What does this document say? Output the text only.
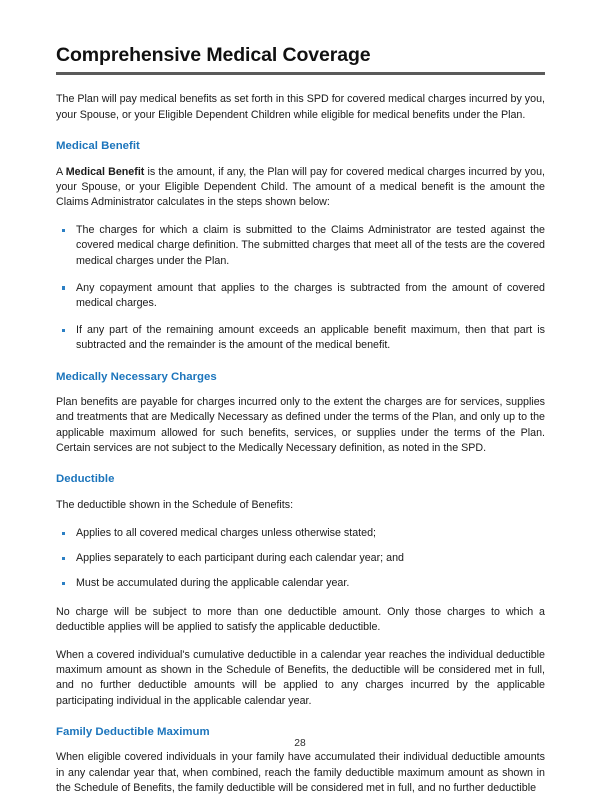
Comprehensive Medical Coverage

The Plan will pay medical benefits as set forth in this SPD for covered medical charges incurred by you, your Spouse, or your Eligible Dependent Children while eligible for medical benefits under the Plan.

Medical Benefit

A Medical Benefit is the amount, if any, the Plan will pay for covered medical charges incurred by you, your Spouse, or your Eligible Dependent Child. The amount of a medical benefit is the amount the Claims Administrator calculates in the steps shown below:

The charges for which a claim is submitted to the Claims Administrator are tested against the covered medical charge definition. The submitted charges that meet all of the tests are the covered medical charges under the Plan.
Any copayment amount that applies to the charges is subtracted from the amount of covered medical charges.
If any part of the remaining amount exceeds an applicable benefit maximum, then that part is subtracted and the remainder is the amount of the medical benefit.
Medically Necessary Charges

Plan benefits are payable for charges incurred only to the extent the charges are for services, supplies and treatments that are Medically Necessary as defined under the terms of the Plan, and only up to the applicable maximum allowed for such benefits, services, or supplies under the terms of the Plan. Certain services are not subject to the Medically Necessary definition, as noted in the SPD.

Deductible

The deductible shown in the Schedule of Benefits:

Applies to all covered medical charges unless otherwise stated;
Applies separately to each participant during each calendar year; and
Must be accumulated during the applicable calendar year.

No charge will be subject to more than one deductible amount. Only those charges to which a deductible applies will be applied to satisfy the applicable deductible.

When a covered individual's cumulative deductible in a calendar year reaches the individual deductible maximum amount as shown in the Schedule of Benefits, the deductible will be considered met in full, and no further deductible amounts will be applied to any charges incurred by the applicable participating individual in the applicable calendar year.

Family Deductible Maximum

When eligible covered individuals in your family have accumulated their individual deductible amounts in any calendar year that, when combined, reach the family deductible maximum amount as shown in the Schedule of Benefits, the family deductible will be considered met in full, and no further deductible

28
